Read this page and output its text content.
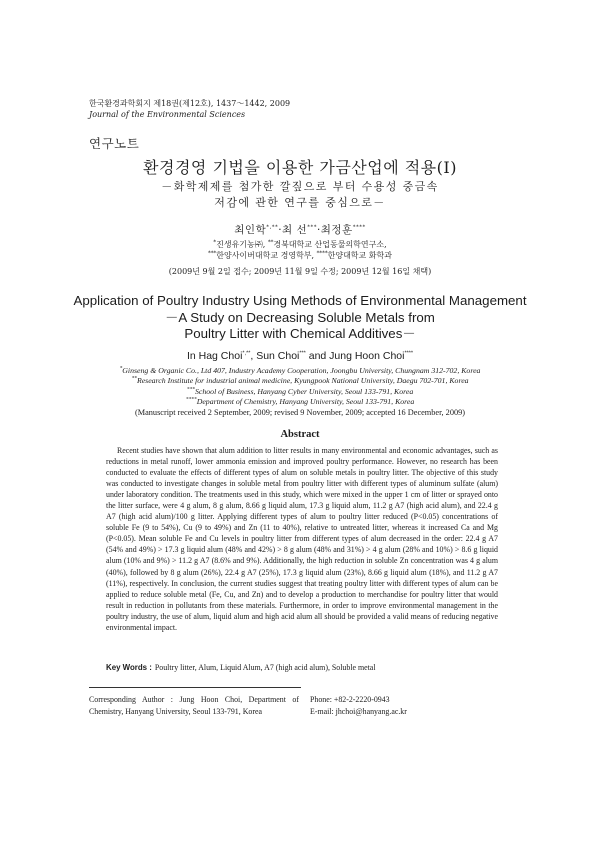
한국환경과학회지 제18권(제12호), 1437～1442, 2009
Journal of the Environmental Sciences
연구노트
환경경영 기법을 이용한 가금산업에 적용(Ⅰ)
－화학제제를 첨가한 깔짚으로 부터 수용성 중금속
저감에 관한 연구를 중심으로－
최인학*,**·최 선***·최정훈****
*진생유기농㈜, **경북대학교 산업동물의학연구소,
***한양사이버대학교 경영학부, ****한양대학교 화학과
(2009년 9월 2일 접수; 2009년 11월 9일 수정; 2009년 12월 16일 채택)
Application of Poultry Industry Using Methods of Environmental Management
－A Study on Decreasing Soluble Metals from
Poultry Litter with Chemical Additives－
In Hag Choi*,**, Sun Choi*** and Jung Hoon Choi****
*Ginseng & Organic Co., Ltd 407, Industry Academy Cooperation, Joongbu University, Chungnam 312-702, Korea
**Research Institute for industrial animal medicine, Kyungpook National University, Daegu 702-701, Korea
***School of Business, Hanyang Cyber University, Seoul 133-791, Korea
****Department of Chemistry, Hanyang University, Seoul 133-791, Korea
(Manuscript received 2 September, 2009; revised 9 November, 2009; accepted 16 December, 2009)
Abstract
Recent studies have shown that alum addition to litter results in many environmental and economic advantages, such as reductions in metal runoff, lower ammonia emission and improved poultry performance. However, no research has been conducted to evaluate the effects of different types of alum on soluble metals in poultry litter. The objective of this study was conducted to investigate changes in soluble metal from poultry litter with different types of aluminum sulfate (alum) under laboratory condition. The treatments used in this study, which were mixed in the upper 1 cm of litter or sprayed onto the litter surface, were 4 g alum, 8 g alum, 8.66 g liquid alum, 17.3 g liquid alum, 11.2 g A7 (high acid alum), and 22.4 g A7 (high acid alum)/100 g litter. Applying different types of alum to poultry litter reduced (P<0.05) concentrations of soluble Fe (9 to 54%), Cu (9 to 49%) and Zn (11 to 40%), relative to untreated litter, whereas it increased Ca and Mg (P<0.05). Mean soluble Fe and Cu levels in poultry litter from different types of alum decreased in the order: 22.4 g A7 (54% and 49%) > 17.3 g liquid alum (48% and 42%) > 8 g alum (48% and 31%) > 4 g alum (28% and 10%) > 8.6 g liquid alum (10% and 9%) > 11.2 g A7 (8.6% and 9%). Additionally, the high reduction in soluble Zn concentration was 4 g alum (40%), followed by 8 g alum (26%), 22.4 g A7 (25%), 17.3 g liquid alum (23%), 8.66 g liquid alum (18%), and 11.2 g A7 (11%), respectively. In conclusion, the current studies suggest that treating poultry litter with different types of alum can be applied to reduce soluble metal (Fe, Cu, and Zn) and to develop a production to merchandise for poultry litter that would result in reduction in pollutants from these materials. Furthermore, in order to improve environmental management in the poultry industry, the use of alum, liquid alum and high acid alum all should be provided a valid means of reducing negative environmental impact.
Key Words : Poultry litter, Alum, Liquid Alum, A7 (high acid alum), Soluble metal
Corresponding Author : Jung Hoon Choi, Department of Chemistry, Hanyang University, Seoul 133-791, Korea
Phone: +82-2-2220-0943
E-mail: jhchoi@hanyang.ac.kr
